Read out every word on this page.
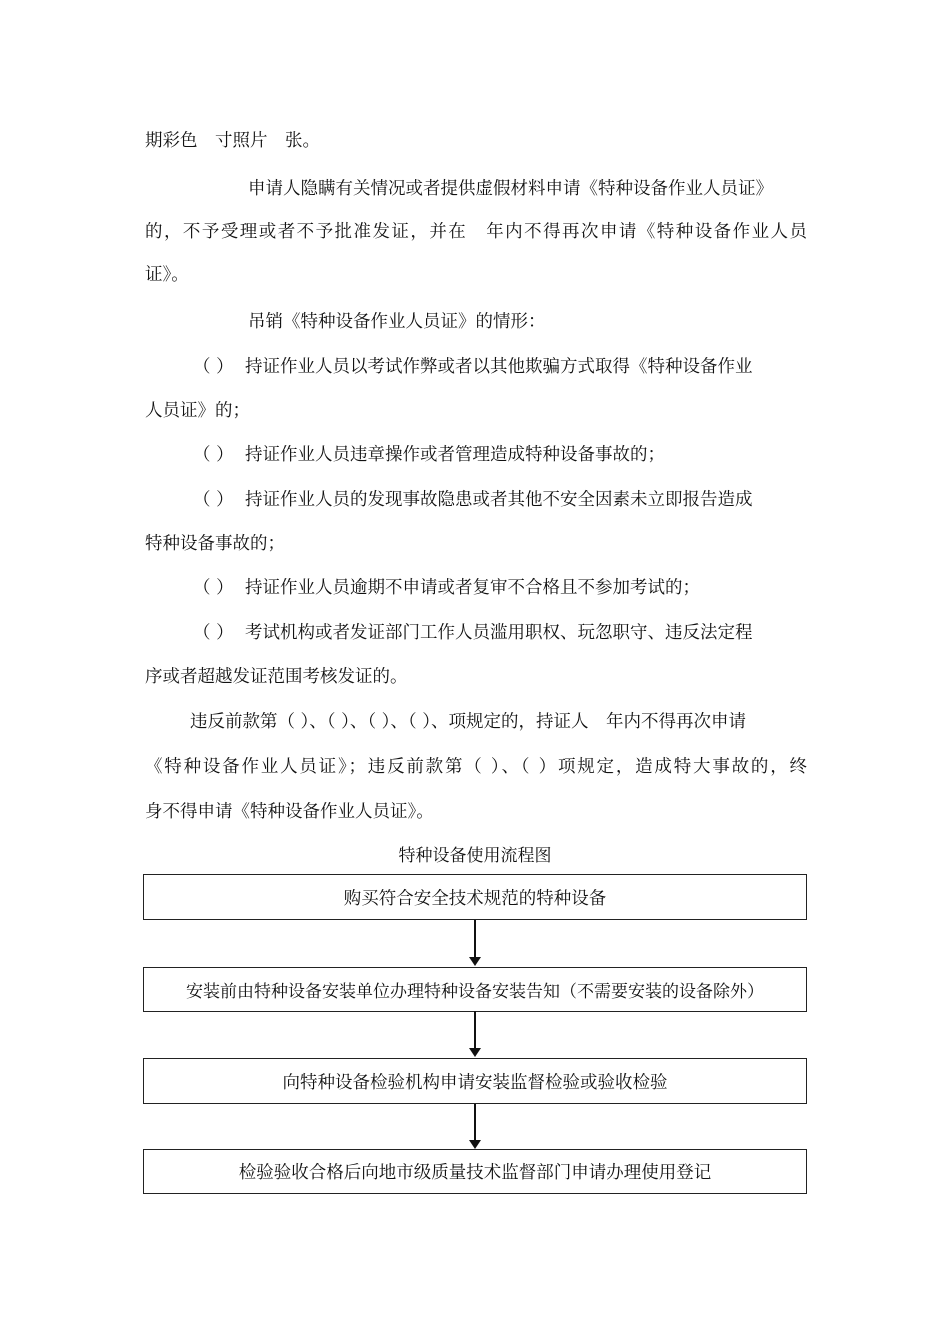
期彩色　寸照片　张。
申请人隐瞒有关情况或者提供虚假材料申请《特种设备作业人员证》
的，不予受理或者不予批准发证，并在　年内不得再次申请《特种设备作业人员
证》。
吊销《特种设备作业人员证》的情形：
（ ） 持证作业人员以考试作弊或者以其他欺骗方式取得《特种设备作业
人员证》的；
（ ） 持证作业人员违章操作或者管理造成特种设备事故的；
（ ） 持证作业人员的发现事故隐患或者其他不安全因素未立即报告造成
特种设备事故的；
（ ） 持证作业人员逾期不申请或者复审不合格且不参加考试的；
（ ） 考试机构或者发证部门工作人员滥用职权、玩忽职守、违反法定程
序或者超越发证范围考核发证的。
违反前款第（ ）、（ ）、（ ）、（ ）、项规定的，持证人　年内不得再次申请
《特种设备作业人员证》；违反前款第（ ）、（ ）项规定，造成特大事故的，终
身不得申请《特种设备作业人员证》。
特种设备使用流程图
购买符合安全技术规范的特种设备
安装前由特种设备安装单位办理特种设备安装告知（不需要安装的设备除外）
向特种设备检验机构申请安装监督检验或验收检验
检验验收合格后向地市级质量技术监督部门申请办理使用登记
